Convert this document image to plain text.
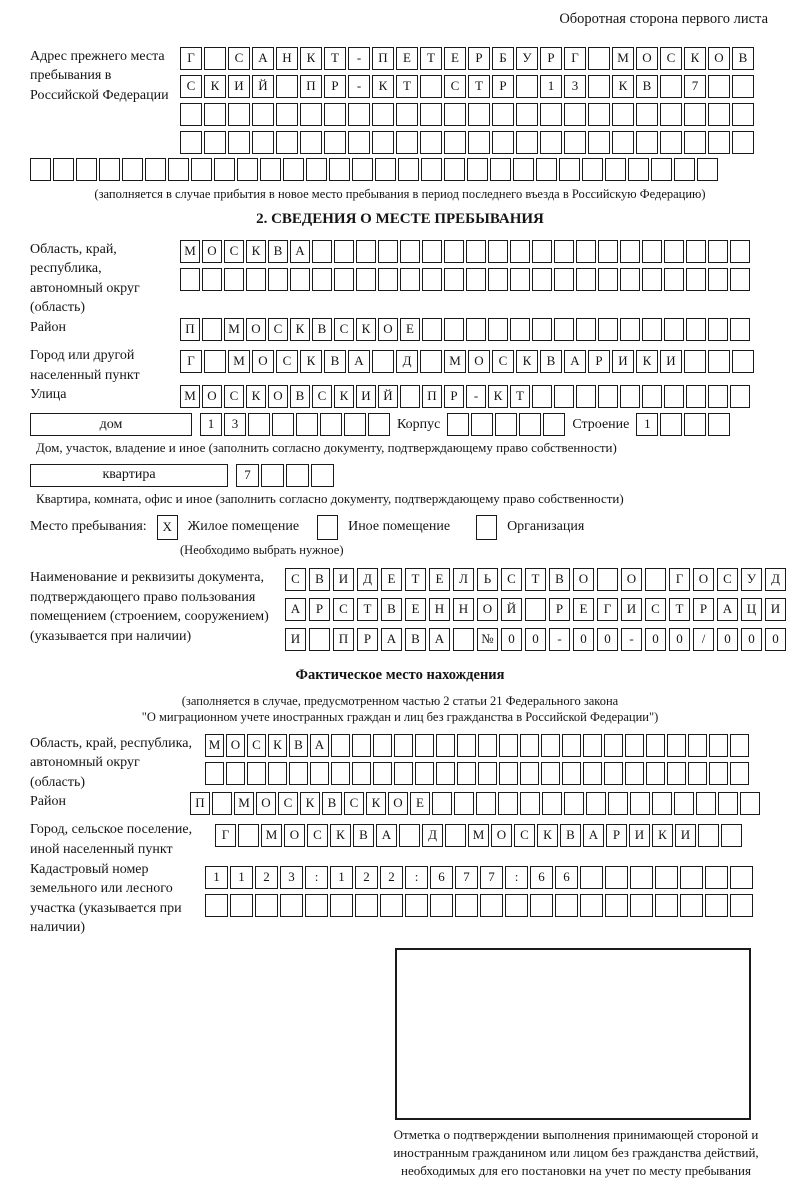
Оборотная сторона первого листа
Адрес прежнего места пребывания в Российской Федерации
Г	С	А	Н	К	Т	-	П	Е	Т	Е	Р	Б	У	Р	Г	М	О	С	К	О	В
С	К	И	Й	П	Р	-	К	Т	С	Т	Р	1	3	К	В	7
(заполняется в случае прибытия в новое место пребывания в период последнего въезда в Российскую Федерацию)
2. СВЕДЕНИЯ О МЕСТЕ ПРЕБЫВАНИЯ
Область, край, республика, автономный округ (область)
М О С	К	В А
Район	П	М О С	К	В	С	К О	Е
Город или другой населенный пункт
Г	М	О	С	К	В	А	Д	М	О	С	К	В	А	Р	И	К	И
Улица	М О С	К О В	С	К И Й	П	Р	-	К	Т
дом	1	3	Корпус	Строение	1
Дом, участок, владение и иное (заполнить согласно документу, подтверждающему право собственности)
квартира	7
Квартира, комната, офис и иное (заполнить согласно документу, подтверждающему право собственности)
Место пребывания:	X	Жилое помещение	Иное помещение	Организация
(Необходимо выбрать нужное)
Наименование и реквизиты документа, подтверждающего право пользования помещением (строением, сооружением) (указывается при наличии)
С	В	И	Д	Е	Т	Е	Л	Ь	С	Т	В	О	О	Г	О	С	У	Д
А	Р	С	Т	В	Е	Н	Н	О	Й	Р	Е	Г	И	С	Т	Р	А	Ц	И
И	П	Р	А	В	А	№	0	0	-	0	0	-	0	0	/	0	0	0
Фактическое место нахождения
(заполняется в случае, предусмотренном частью 2 статьи 21 Федерального закона
"О миграционном учете иностранных граждан и лиц без гражданства в Российской Федерации")
Область, край, республика, автономный округ (область)
М О С К В А
Район	П	М О С	К	В	С	К О	Е
Город, сельское поселение, иной населенный пункт
Г	М О	С	К	В	А	Д	М О	С	К	В	А	Р	И	К	И
Кадастровый номер земельного или лесного участка (указывается при наличии)
1	1	2	3	:	1	2	2	:	6	7	7	:	6	6
Отметка о подтверждении выполнения принимающей стороной и иностранным гражданином или лицом без гражданства действий, необходимых для его постановки на учет по месту пребывания
